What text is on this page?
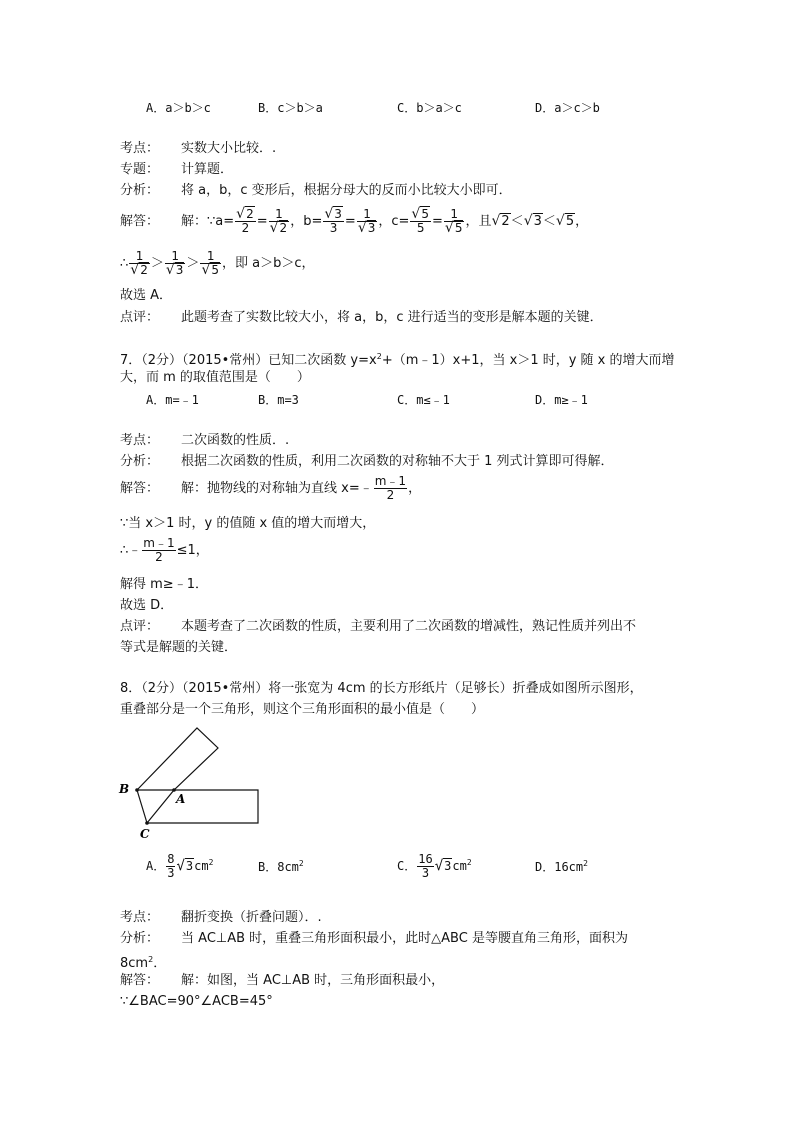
A．a＞b＞c	B．c＞b＞a	C．b＞a＞c	D．a＞c＞b
考点： 实数大小比较．.
专题： 计算题．
分析： 将 a，b，c 变形后，根据分母大的反而小比较大小即可．
解答： 解：∵a= $\frac{√2}{2} = \frac{1}{√2}$ ，$b= \frac{√3}{3} = \frac{1}{√3}$ ，$c= \frac{√5}{5} = \frac{1}{√5}$ ，且√2＜√3＜√5，
∴ $\frac{1}{√2} > \frac{1}{√3} > \frac{1}{√5}$ ，即 a＞b＞c，
故选 A．
点评： 此题考查了实数比较大小，将 a，b，c 进行适当的变形是解本题的关键．
7．（2分）（2015•常州）已知二次函数 $y=x^2+(m﹣1)x+1$，当 x＞1 时，y 随 x 的增大而增
大，而 m 的取值范围是（　　）
A．m=﹣1	B．m=3	C．m≤﹣1	D．m≥﹣1
考点： 二次函数的性质．.
分析： 根据二次函数的性质，利用二次函数的对称轴不大于 1 列式计算即可得解．
解答： 解：抛物线的对称轴为直线 x=﹣ $\frac{m﹣1}{2}$ ，
∵当 x＞1 时，y 的值随 x 值的增大而增大，
∴﹣ $\frac{m﹣1}{2} \le 1$，
解得 m≥﹣1．
故选 D．
点评： 本题考查了二次函数的性质，主要利用了二次函数的增减性，熟记性质并列出不
等式是解题的关键．
8．（2分）（2015•常州）将一张宽为 4cm 的长方形纸片（足够长）折叠成如图所示图形，
重叠部分是一个三角形，则这个三角形面积的最小值是（　　）
B
A
C
A． $\frac{8}{3} √3cm^2$	B．$8cm^2$	C． $\frac{16}{3} √3cm^2$	D．$16cm^2$
考点： 翻折变换（折叠问题）．.
分析： 当 AC⊥AB 时，重叠三角形面积最小，此时△ABC 是等腰直角三角形，面积为
$8cm^2$．
解答： 解：如图，当 AC⊥AB 时，三角形面积最小，
∵∠BAC=90°∠ACB=45°
